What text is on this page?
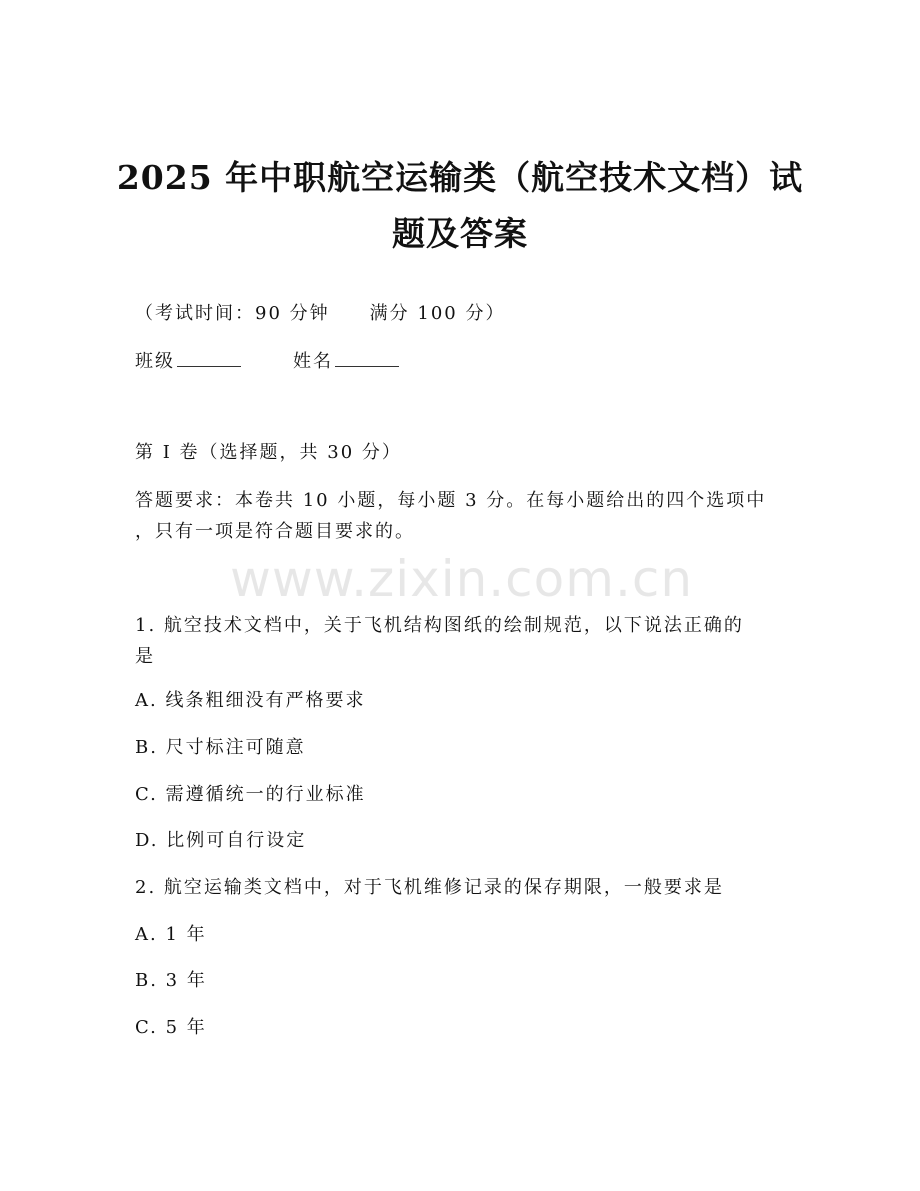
2025 年中职航空运输类（航空技术文档）试
题及答案

（考试时间：90 分钟 满分 100 分）

班级	姓名

第 I 卷（选择题，共 30 分）

答题要求：本卷共 10 小题，每小题 3 分。在每小题给出的四个选项中

，只有一项是符合题目要求的。

www.zixin.com.cn

1. 航空技术文档中，关于飞机结构图纸的绘制规范，以下说法正确的

是

A. 线条粗细没有严格要求

B. 尺寸标注可随意

C. 需遵循统一的行业标准

D. 比例可自行设定

2. 航空运输类文档中，对于飞机维修记录的保存期限，一般要求是

A. 1 年

B. 3 年

C. 5 年
